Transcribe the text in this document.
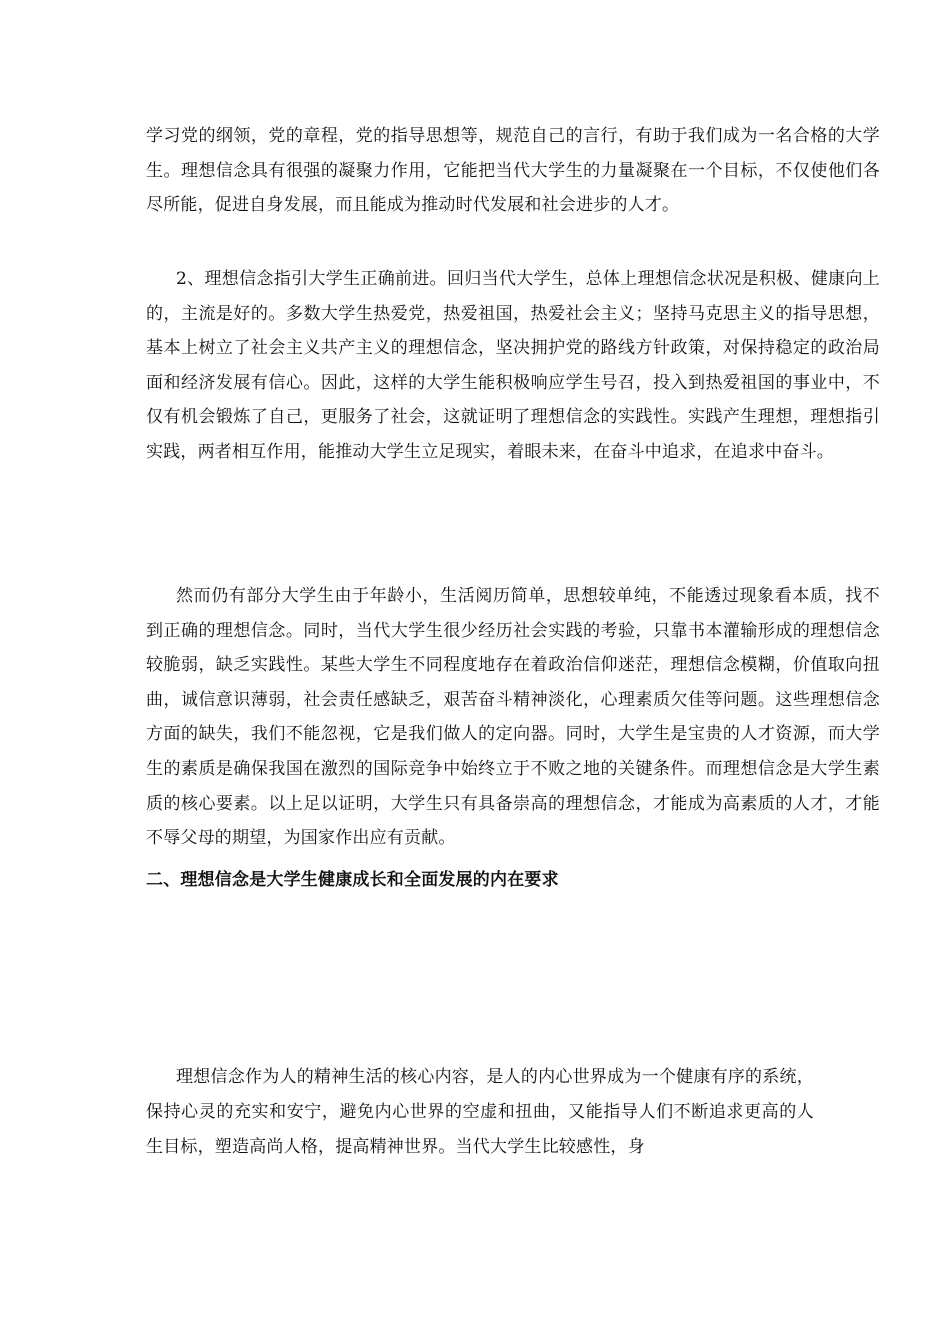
学习党的纲领，党的章程，党的指导思想等，规范自己的言行，有助于我们成为一名合格的大学生。理想信念具有很强的凝聚力作用，它能把当代大学生的力量凝聚在一个目标，不仅使他们各尽所能，促进自身发展，而且能成为推动时代发展和社会进步的人才。

2、理想信念指引大学生正确前进。回归当代大学生，总体上理想信念状况是积极、健康向上的，主流是好的。多数大学生热爱党，热爱祖国，热爱社会主义；坚持马克思主义的指导思想，基本上树立了社会主义共产主义的理想信念，坚决拥护党的路线方针政策，对保持稳定的政治局面和经济发展有信心。因此，这样的大学生能积极响应学生号召，投入到热爱祖国的事业中，不仅有机会锻炼了自己，更服务了社会，这就证明了理想信念的实践性。实践产生理想，理想指引实践，两者相互作用，能推动大学生立足现实，着眼未来，在奋斗中追求，在追求中奋斗。

然而仍有部分大学生由于年龄小，生活阅历简单，思想较单纯，不能透过现象看本质，找不到正确的理想信念。同时，当代大学生很少经历社会实践的考验，只靠书本灌输形成的理想信念较脆弱，缺乏实践性。某些大学生不同程度地存在着政治信仰迷茫，理想信念模糊，价值取向扭曲，诚信意识薄弱，社会责任感缺乏，艰苦奋斗精神淡化，心理素质欠佳等问题。这些理想信念方面的缺失，我们不能忽视，它是我们做人的定向器。同时，大学生是宝贵的人才资源，而大学生的素质是确保我国在激烈的国际竞争中始终立于不败之地的关键条件。而理想信念是大学生素质的核心要素。以上足以证明，大学生只有具备崇高的理想信念，才能成为高素质的人才，才能不辱父母的期望，为国家作出应有贡献。

二、理想信念是大学生健康成长和全面发展的内在要求

理想信念作为人的精神生活的核心内容，是人的内心世界成为一个健康有序的系统，保持心灵的充实和安宁，避免内心世界的空虚和扭曲，又能指导人们不断追求更高的人生目标，塑造高尚人格，提高精神世界。当代大学生比较感性，身
